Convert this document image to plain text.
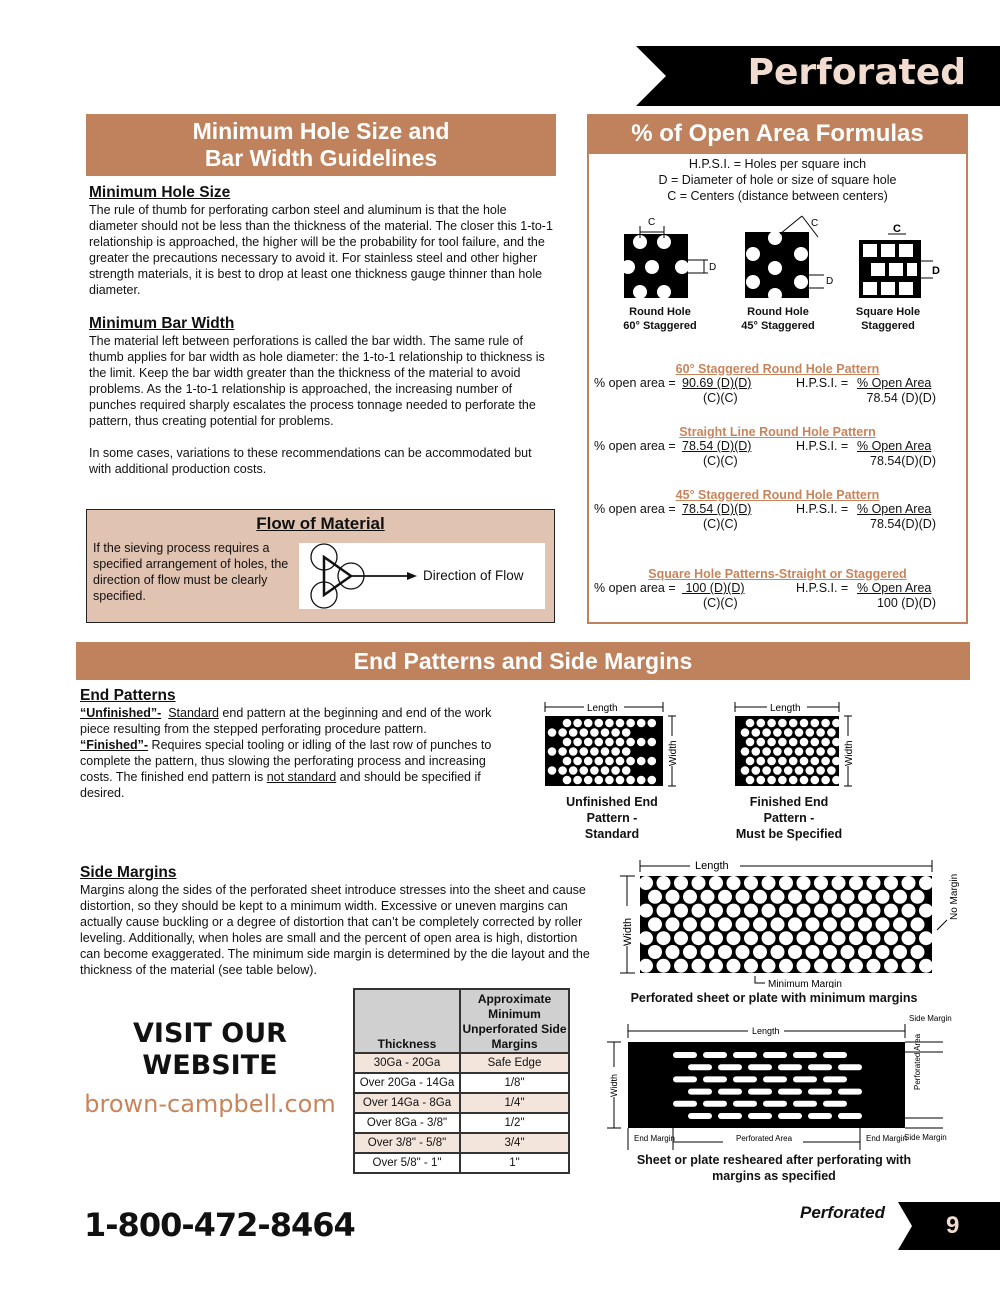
Perforated
Minimum Hole Size and
Bar Width Guidelines
Minimum Hole Size
The rule of thumb for perforating carbon steel and aluminum is that the hole diameter should not be less than the thickness of the material. The closer this 1-to-1 relationship is approached, the higher will be the probability for tool failure, and the greater the precautions necessary to avoid it. For stainless steel and other higher strength materials, it is best to drop at least one thickness gauge thinner than hole diameter.
Minimum Bar Width
The material left between perforations is called the bar width. The same rule of thumb applies for bar width as hole diameter: the 1-to-1 relationship to thickness is the limit. Keep the bar width greater than the thickness of the material to avoid problems. As the 1-to-1 relationship is approached, the increasing number of punches required sharply escalates the process tonnage needed to perforate the pattern, thus creating potential for problems.
In some cases, variations to these recommendations can be accommodated but with additional production costs.
Flow of Material
If the sieving process requires a specified arrangement of holes, the direction of flow must be clearly specified.
Direction of Flow
% of Open Area Formulas
H.P.S.I. = Holes per square inch
D = Diameter of hole or size of square hole
C = Centers (distance between centers)
C
D
Round Hole
60° Staggered
C
D
Round Hole
45° Staggered
C
D
Square Hole
Staggered
60° Staggered Round Hole Pattern
% open area = 90.69 (D)(D)
(C)(C)
H.P.S.I. = % Open Area
78.54 (D)(D)
Straight Line Round Hole Pattern
% open area = 78.54 (D)(D)
(C)(C)
H.P.S.I. = % Open Area
78.54(D)(D)
45° Staggered Round Hole Pattern
% open area = 78.54 (D)(D)
(C)(C)
H.P.S.I. = % Open Area
78.54(D)(D)
Square Hole Patterns-Straight or Staggered
% open area = 100 (D)(D)
(C)(C)
H.P.S.I. = % Open Area
100 (D)(D)
End Patterns and Side Margins
End Patterns
“Unfinished”- Standard end pattern at the beginning and end of the work piece resulting from the stepped perforating procedure pattern.
“Finished”- Requires special tooling or idling of the last row of punches to complete the pattern, thus slowing the perforating process and increasing costs. The finished end pattern is not standard and should be specified if desired.
Length
Width
Unfinished End
Pattern -
Standard
Length
Width
Finished End
Pattern -
Must be Specified
Side Margins
Margins along the sides of the perforated sheet introduce stresses into the sheet and cause distortion, so they should be kept to a minimum width. Excessive or uneven margins can actually cause buckling or a degree of distortion that can’t be completely corrected by roller leveling. Additionally, when holes are small and the percent of open area is high, distortion can become exaggerated. The minimum side margin is determined by the die layout and the thickness of the material (see table below).
Length
Width
No Margin
Minimum Margin
Perforated sheet or plate with minimum margins
Thickness	Approximate Minimum Unperforated Side Margins
30Ga - 20Ga	Safe Edge
Over 20Ga - 14Ga	1/8"
Over 14Ga - 8Ga	1/4"
Over 8Ga - 3/8"	1/2"
Over 3/8" - 5/8"	3/4"
Over 5/8" - 1"	1"
Length
Width
Side Margin
Perforated Area
Side Margin
Perforated Area
End Margin	End Margin
Sheet or plate resheared after perforating with
margins as specified
VISIT OUR
WEBSITE
brown-campbell.com
1-800-472-8464	Perforated	9
